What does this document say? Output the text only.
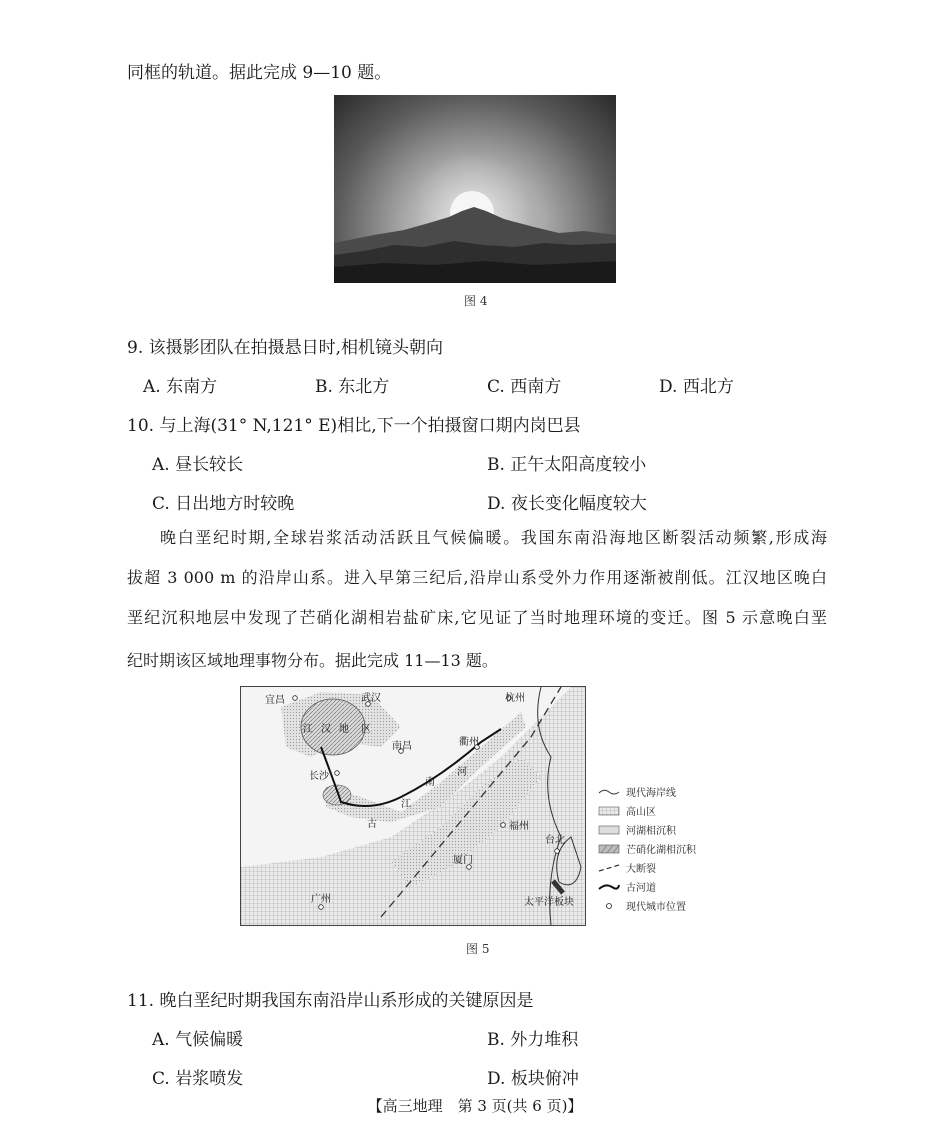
同框的轨道。据此完成 9—10 题。
图 4
9. 该摄影团队在拍摄悬日时,相机镜头朝向
A. 东南方	B. 东北方	C. 西南方	D. 西北方
10. 与上海(31° N,121° E)相比,下一个拍摄窗口期内岗巴县
A. 昼长较长	B. 正午太阳高度较小
C. 日出地方时较晚	D. 夜长变化幅度较大
晚白垩纪时期,全球岩浆活动活跃且气候偏暖。我国东南沿海地区断裂活动频繁,形成海
拔超 3 000 m 的沿岸山系。进入早第三纪后,沿岸山系受外力作用逐渐被削低。江汉地区晚白
垩纪沉积地层中发现了芒硝化湖相岩盐矿床,它见证了当时地理环境的变迁。图 5 示意晚白垩
纪时期该区域地理事物分布。据此完成 11—13 题。
宜昌	武汉	杭州
江 汉 地 区
南昌	衢州
长沙
南
河
江
古	福州
台北
厦门
广州	太平洋板块
现代海岸线
高山区
河湖相沉积
芒硝化湖相沉积
大断裂
古河道
现代城市位置
图 5
11. 晚白垩纪时期我国东南沿岸山系形成的关键原因是
A. 气候偏暖	B. 外力堆积
C. 岩浆喷发	D. 板块俯冲
【高三地理　第 3 页(共 6 页)】
